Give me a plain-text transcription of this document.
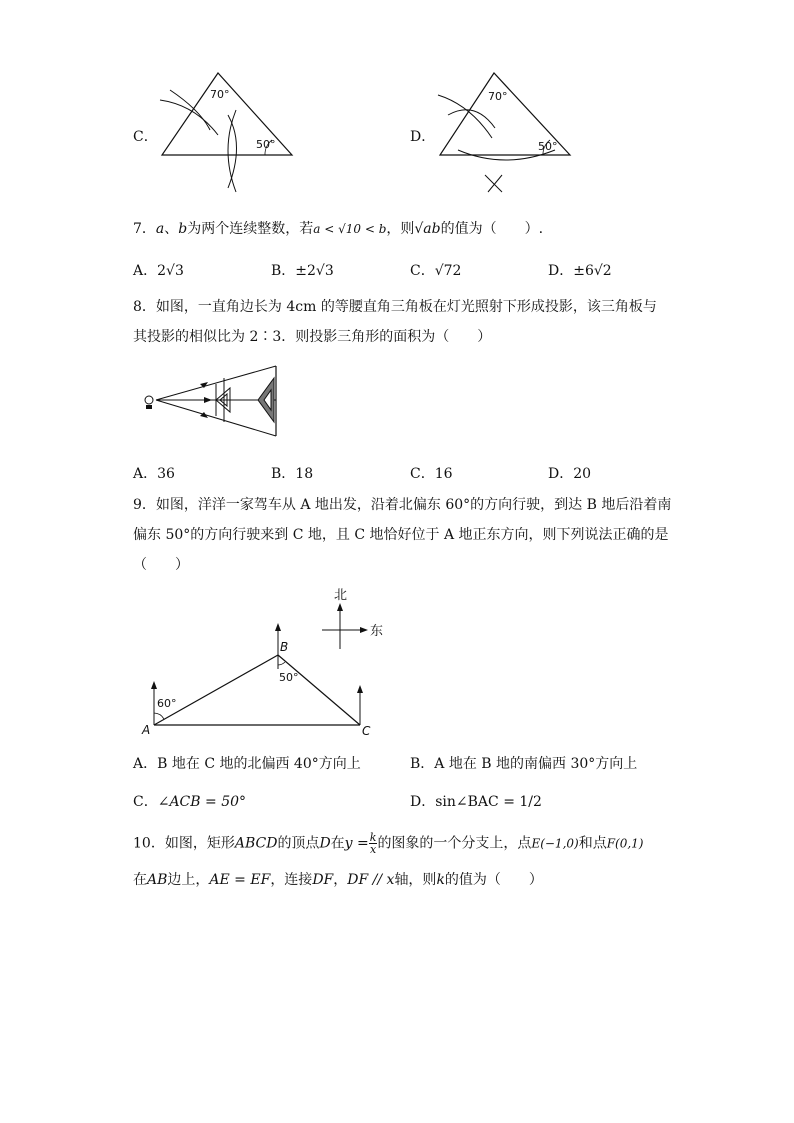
C．
70°
50°	D．
70°
50°
7．a、b为两个连续整数，若a < √10 < b，则√ab的值为（　　）.
A．2√3	B．±2√3	C．√72	D．±6√2
8．如图，一直角边长为 4cm 的等腰直角三角板在灯光照射下形成投影，该三角板与
其投影的相似比为 2∶3．则投影三角形的面积为（　　）
A．36	B．18	C．16	D．20
9．如图，洋洋一家驾车从 A 地出发，沿着北偏东 60°的方向行驶，到达 B 地后沿着南
偏东 50°的方向行驶来到 C 地，且 C 地恰好位于 A 地正东方向，则下列说法正确的是
（　　）
北
东
60°
50°
A
B
C
A．B 地在 C 地的北偏西 40°方向上	B．A 地在 B 地的南偏西 30°方向上
C．∠ACB = 50°	D．sin∠BAC = 1/2
10．如图，矩形ABCD的顶点D在$y = \frac{k}{x}$ 的图象的一个分支上，点E(−1,0)和点F(0,1)
在AB边上，AE = EF，连接DF，DF // x轴，则k的值为（　　）
